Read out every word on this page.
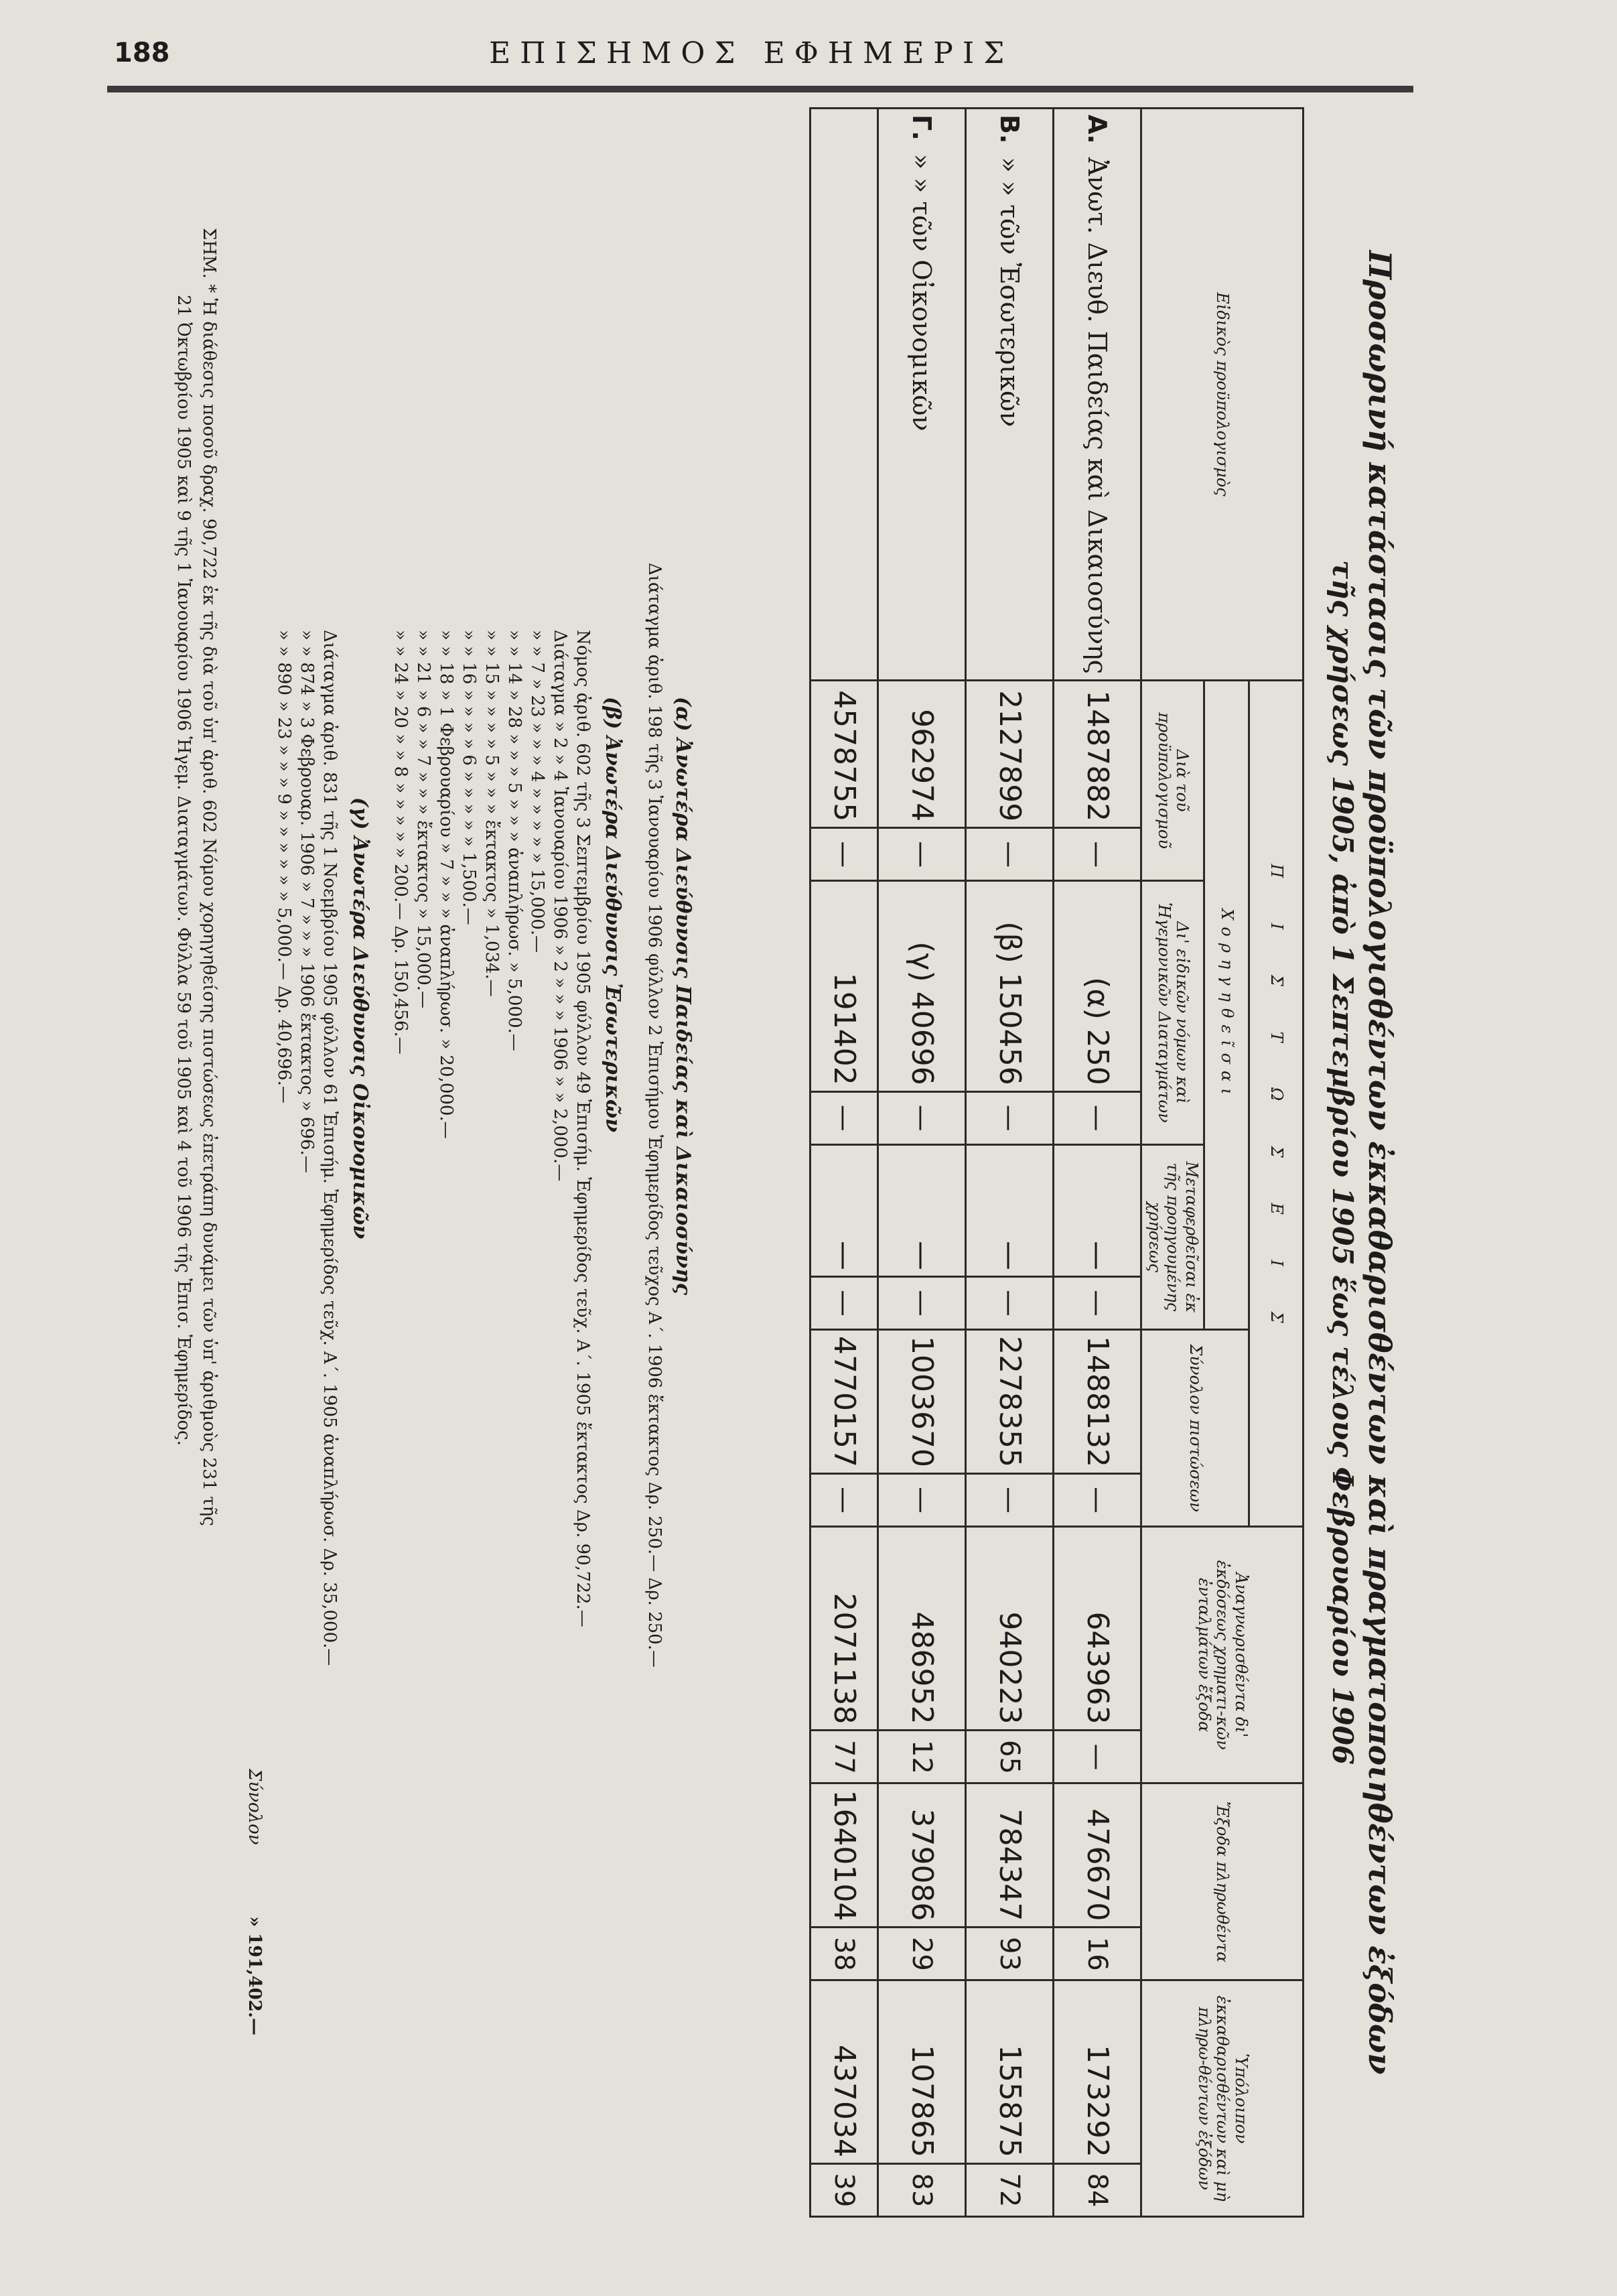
188	ΕΠΙΣΗΜΟΣ ΕΦΗΜΕΡΙΣ
Προσωρινή κατάστασις τῶν προϋπολογισθέντων ἐκκαθαρισθέντων καὶ πραγματοποιηθέντων ἐξόδων
τῆς χρήσεως 1905, ἀπὸ 1 Σεπτεμβρίου 1905 ἕως τέλους Φεβρουαρίου 1906
Εἰδικὸς προϋπολογισμὸς	Π Ι Σ Τ Ω Σ Ε Ι Σ								Ἀναγνωρισθέντα δι' ἐκδόσεως χρηματι-κῶν ἐνταλμάτων ἔξοδα		Ἔξοδα πληρωθέντα		Ὑπόλοιπον ἐκκαθαρισθέντων καὶ μὴ πληρω-θέντων ἐξόδων	
	Χορηγηθεῖσαι						Σύνολον πιστώσεων							
	Διὰ τοῦ προϋπολογισμοῦ		Δι' εἰδικῶν νόμων καὶ Ἡγεμονικῶν Διαταγμάτων		Μεταφερθεῖσαι ἐκ τῆς προηγουμένης χρήσεως									
Α.Ἀνωτ. Διευθ. Παιδείας καὶ Δικαιοσύνης	1487882	—	(α) 250	—	—	—	1488132	—	643963	—	476670	16	173292	84
Β.» » τῶν Ἐσωτερικῶν	2127899	—	(β) 150456	—	—	—	2278355	—	940223	65	784347	93	155875	72
Γ.» » τῶν Οἰκονομικῶν	962974	—	(γ) 40696	—	—	—	1003670	—	486952	12	379086	29	107865	83
	4578755	—	191402	—	—	—	4770157	—	2071138	77	1640104	38	437034	39
(α) Ἀνωτέρα Διεύθυνσις Παιδείας καὶ Δικαιοσύνης
Διάταγμα ἀριθ. 198 τῆς 3 Ἰανουαρίου 1906 φύλλον 2 Ἐπισήμου Ἐφημερίδος τεῦχος Α΄. 1906 ἔκτακτος Δρ. 250.— Δρ. 250.—
(β) Ἀνωτέρα Διεύθυνσις Ἐσωτερικῶν
Νόμος ἀριθ. 602 τῆς 3 Σεπτεμβρίου 1905 φύλλον 49 Ἐπισήμ. Ἐφημερίδος τεῦχ. Α΄. 1905 ἔκτακτος Δρ. 90,722.—
Διάταγμα » 2 » 4 Ἰανουαρίου 1906 » 2 » » » 1906 » » 2,000.—
» » 7 » 23 » » » 4 » » » » » 15,000.—
» » 14 » 28 » » » 5 » » » ἀναπλήρωσ. » 5,000.—
» » 15 » » » » 5 » » » ἔκτακτος » 1,034.—
» » 16 » » » » 6 » » » » » 1,500.—
» » 18 » 1 Φεβρουαρίου » 7 » » » ἀναπλήρωσ. » 20,000.—
» » 21 » 6 » » 7 » » » ἔκτακτος » 15,000.—
» » 24 » 20 » » 8 » » » » » 200.— Δρ. 150,456.—
(γ) Ἀνωτέρα Διεύθυνσις Οἰκονομικῶν
Διάταγμα ἀριθ. 831 τῆς 1 Νοεμβρίου 1905 φύλλον 61 Ἐπισήμ. Ἐφημερίδος τεῦχ. Α΄. 1905 ἀναπλήρωσ. Δρ. 35,000.—
» » 874 » 3 Φεβρουαρ. 1906 » 7 » » » 1906 ἔκτακτος » 696.—
» » 890 » 23 » » » 9 » » » » » » 5,000.— Δρ. 40,696.—
Σύνολον
» 191,402.—
ΣΗΜ. * Ἡ διάθεσις ποσοῦ δραχ. 90,722 ἐκ τῆς διὰ τοῦ ὑπ' ἀριθ. 602 Νόμου χορηγηθείσης πιστώσεως ἐπετράπη δυνάμει τῶν ὑπ' ἀριθμοὺς 231 τῆς
21 Ὀκτωβρίου 1905 καὶ 9 τῆς 1 Ἰανουαρίου 1906 Ἡγεμ. Διαταγμάτων. Φύλλα 59 τοῦ 1905 καὶ 4 τοῦ 1906 τῆς Ἐπισ. Ἐφημερίδος.
